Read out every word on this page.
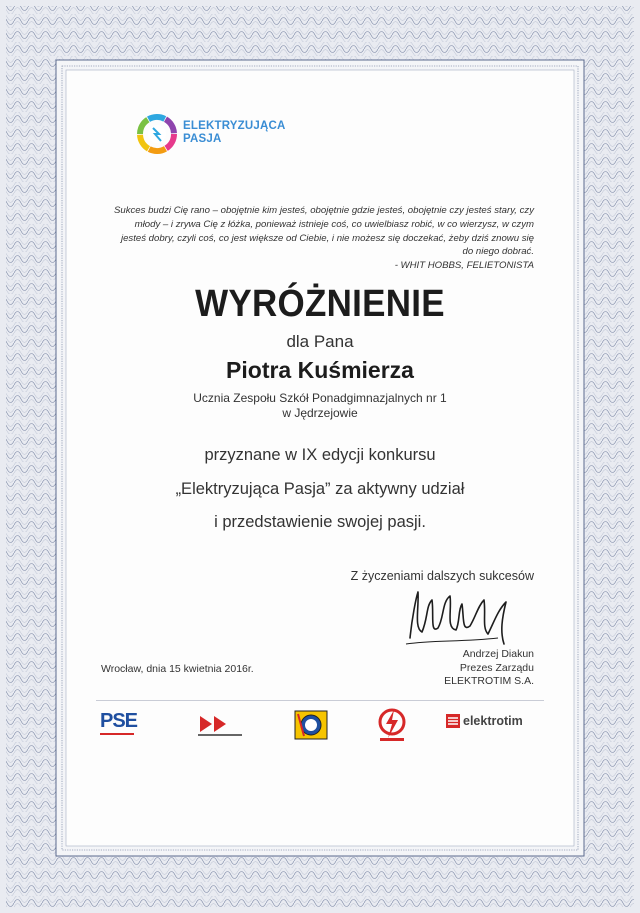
ELEKTRYZUJĄCA
PASJA
Sukces budzi Cię rano – obojętnie kim jesteś, obojętnie gdzie jesteś, obojętnie czy jesteś stary, czy młody – i zrywa Cię z łóżka, ponieważ istnieje coś, co uwielbiasz robić, w co wierzysz, w czym jesteś dobry, czyli coś, co jest większe od Ciebie, i nie możesz się doczekać, żeby dziś znowu się do niego dobrać.
- WHIT HOBBS, FELIETONISTA
WYRÓŻNIENIE
dla Pana
Piotra Kuśmierza
Ucznia Zespołu Szkół Ponadgimnazjalnych nr 1
w Jędrzejowie
przyznane w IX edycji konkursu
„Elektryzująca Pasja” za aktywny udział
i przedstawienie swojej pasji.
Z życzeniami dalszych sukcesów
Andrzej Diakun
Prezes Zarządu
ELEKTROTIM S.A.
Wrocław, dnia 15 kwietnia 2016r.
PSE	elektrotim
